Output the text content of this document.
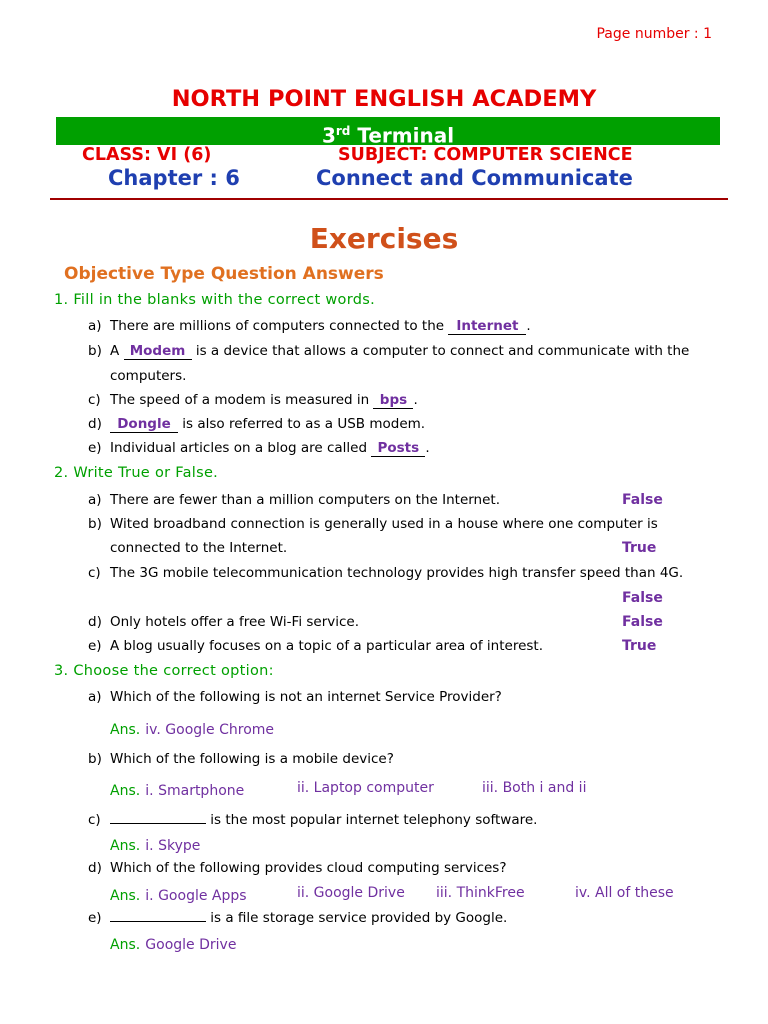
Page number : 1
NORTH POINT ENGLISH ACADEMY
3rd Terminal
CLASS: VI (6)	SUBJECT: COMPUTER SCIENCE
Chapter : 6	Connect and Communicate
Exercises
Objective Type Question Answers
1. Fill in the blanks with the correct words.
a) There are millions of computers connected to the Internet .
b) A Modem is a device that allows a computer to connect and communicate with the
computers.
c) The speed of a modem is measured in bps .
d) Dongle is also referred to as a USB modem.
e) Individual articles on a blog are called Posts .
2. Write True or False.
a) There are fewer than a million computers on the Internet.	False
b) Wited broadband connection is generally used in a house where one computer is
connected to the Internet.	True
c) The 3G mobile telecommunication technology provides high transfer speed than 4G.
False
d) Only hotels offer a free Wi-Fi service.	False
e) A blog usually focuses on a topic of a particular area of interest.	True
3. Choose the correct option:
a) Which of the following is not an internet Service Provider?
Ans. iv. Google Chrome
b) Which of the following is a mobile device?
Ans. i. Smartphone	ii. Laptop computer	iii. Both i and ii
c)	is the most popular internet telephony software.
Ans. i. Skype
d) Which of the following provides cloud computing services?
Ans. i. Google Apps	ii. Google Drive iii. ThinkFree	iv. All of these
e)	is a file storage service provided by Google.
Ans. Google Drive
